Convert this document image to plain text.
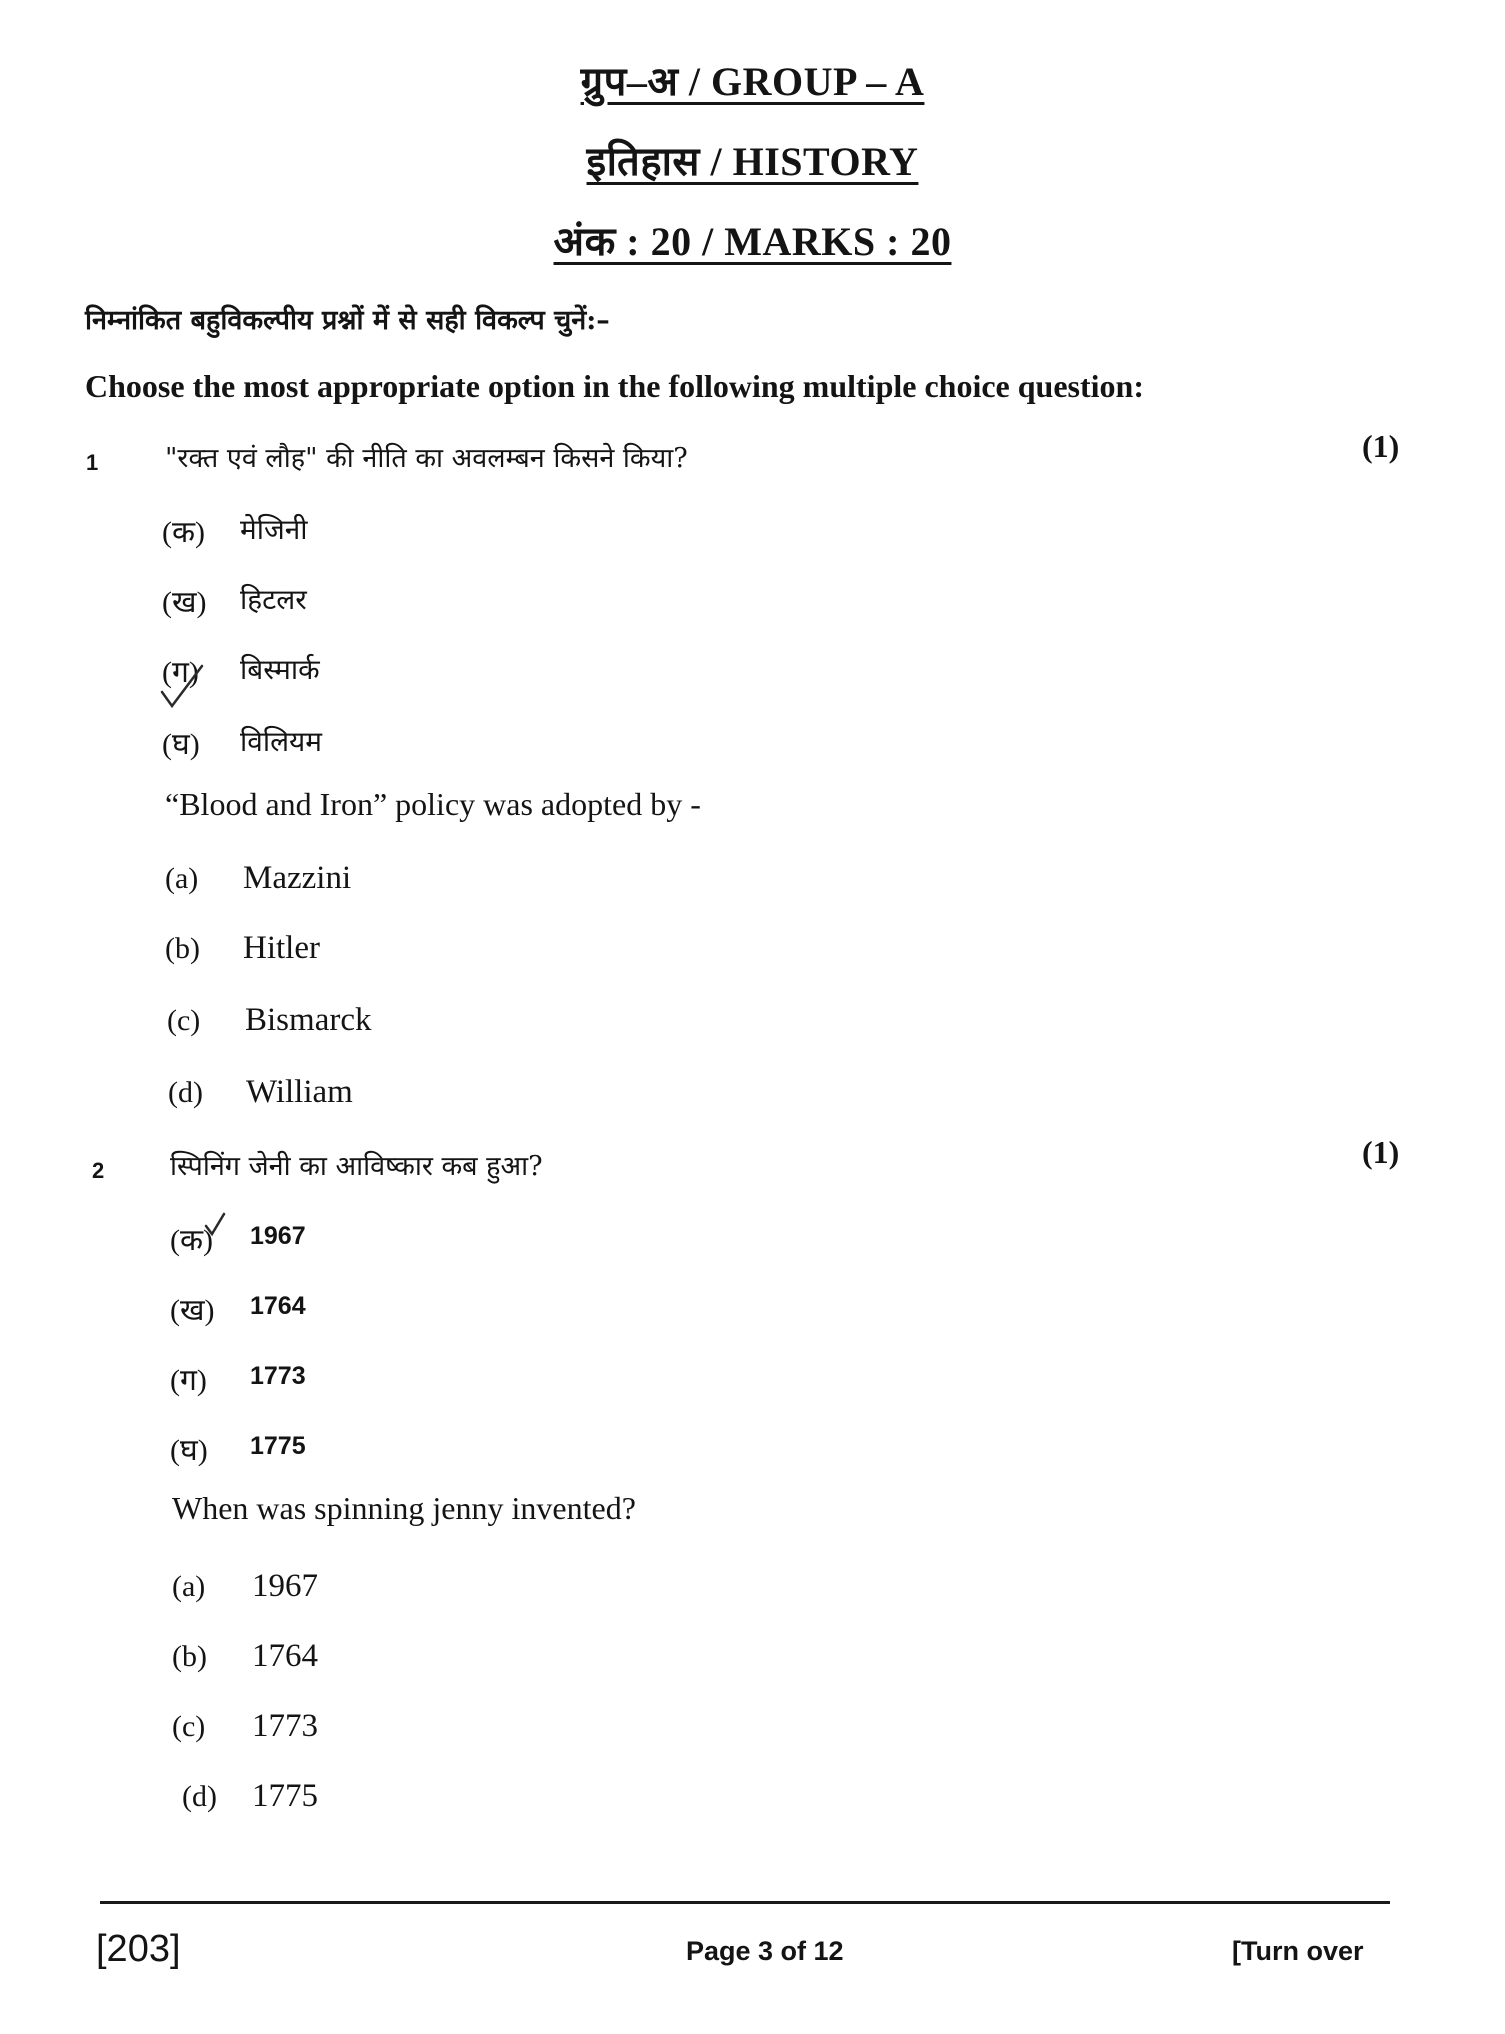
ग्रुप–अ / GROUP – A
इतिहास / HISTORY
अंक : 20 / MARKS : 20
निम्नांकित बहुविकल्पीय प्रश्नों में से सही विकल्प चुनें:–
Choose the most appropriate option in the following multiple choice question:
1 "रक्त एवं लौह" की नीति का अवलम्बन किसने किया?	(1)
(क) मेजिनी
(ख) हिटलर
(ग) बिस्मार्क
(घ) विलियम
“Blood and Iron” policy was adopted by -
(a) Mazzini
(b) Hitler
(c) Bismarck
(d) William
2 स्पिनिंग जेनी का आविष्कार कब हुआ?	(1)
(क) 1967
(ख) 1764
(ग) 1773
(घ) 1775
When was spinning jenny invented?
(a) 1967
(b) 1764
(c) 1773
(d) 1775
[203]	Page 3 of 12	[Turn over
